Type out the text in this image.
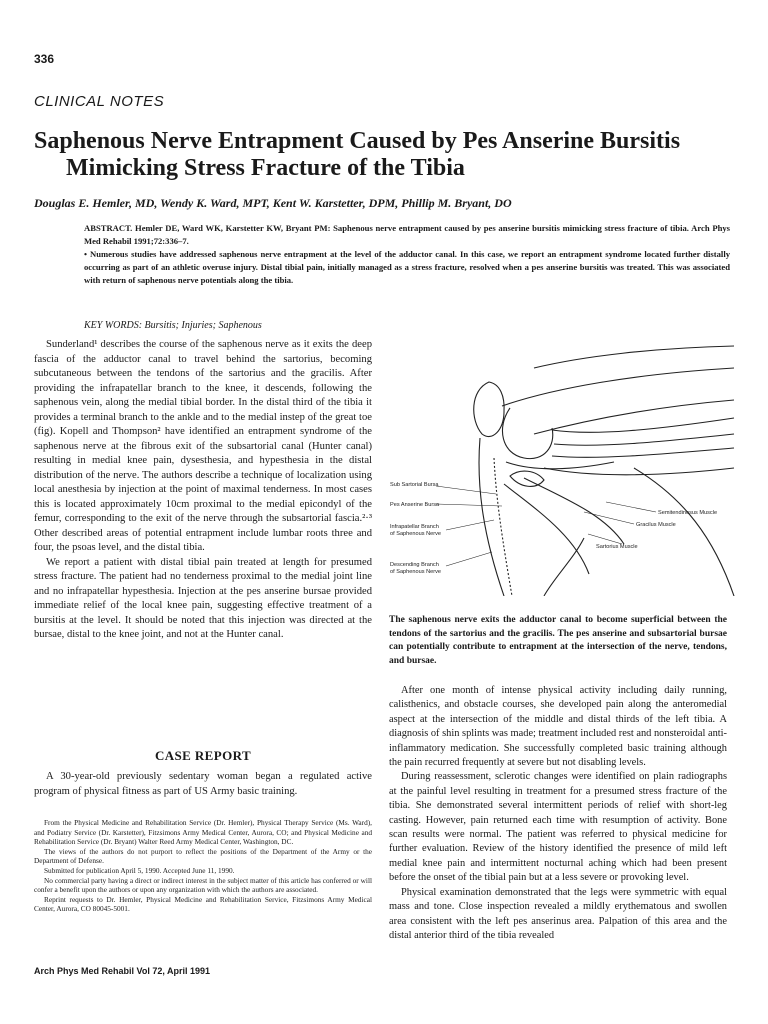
336
CLINICAL NOTES
Saphenous Nerve Entrapment Caused by Pes Anserine Bursitis
Mimicking Stress Fracture of the Tibia
Douglas E. Hemler, MD, Wendy K. Ward, MPT, Kent W. Karstetter, DPM, Phillip M. Bryant, DO
ABSTRACT. Hemler DE, Ward WK, Karstetter KW, Bryant PM: Saphenous nerve entrapment caused by pes anserine bursitis mimicking stress fracture of tibia. Arch Phys Med Rehabil 1991;72:336–7.
• Numerous studies have addressed saphenous nerve entrapment at the level of the adductor canal. In this case, we report an entrapment syndrome located further distally occurring as part of an athletic overuse injury. Distal tibial pain, initially managed as a stress fracture, resolved when a pes anserine bursitis was treated. This was associated with return of saphenous nerve potentials along the tibia.
KEY WORDS: Bursitis; Injuries; Saphenous

Sunderland¹ describes the course of the saphenous nerve as it exits the deep fascia of the adductor canal to travel behind the sartorius, becoming subcutaneous between the tendons of the sartorius and the gracilis. After providing the infrapatellar branch to the knee, it descends, following the saphenous vein, along the medial tibial border. In the distal third of the tibia it provides a terminal branch to the ankle and to the medial instep of the great toe (fig). Kopell and Thompson² have identified an entrapment syndrome of the saphenous nerve at the fibrous exit of the subsartorial canal (Hunter canal) resulting in medial knee pain, dysesthesia, and hypesthesia in the distal distribution of the nerve. The authors describe a technique of localization using local anesthesia by injection at the point of maximal tenderness. In most cases this is located approximately 10cm proximal to the medial epicondyl of the femur, corresponding to the exit of the nerve through the subsartorial fascia.²·³ Other described areas of potential entrapment include lumbar roots three and four, the psoas level, and the distal tibia.

We report a patient with distal tibial pain treated at length for presumed stress fracture. The patient had no tenderness proximal to the medial joint line and no infrapatellar hypesthesia. Injection at the pes anserine bursae provided immediate relief of the local knee pain, suggesting effective treatment of a bursitis at the level. It should be noted that this injection was directed at the bursae, distal to the knee joint, and not at the Hunter canal.

CASE REPORT

A 30-year-old previously sedentary woman began a regulated active program of physical fitness as part of US Army basic training.

From the Physical Medicine and Rehabilitation Service (Dr. Hemler), Physical Therapy Service (Ms. Ward), and Podiatry Service (Dr. Karstetter), Fitzsimons Army Medical Center, Aurora, CO; and Physical Medicine and Rehabilitation Service (Dr. Bryant) Walter Reed Army Medical Center, Washington, DC.

The views of the authors do not purport to reflect the positions of the Department of the Army or the Department of Defense.

Submitted for publication April 5, 1990. Accepted June 11, 1990.

No commercial party having a direct or indirect interest in the subject matter of this article has conferred or will confer a benefit upon the authors or upon any organization with which the authors are associated.

Reprint requests to Dr. Hemler, Physical Medicine and Rehabilitation Service, Fitzsimons Army Medical Center, Aurora, CO 80045-5001.

Arch Phys Med Rehabil Vol 72, April 1991
Sub Sartorial Bursa
Pes Anserine Bursa
Infrapatellar Branch
of Saphenous Nerve
Descending Branch
of Saphenous Nerve
Semitendinosus Muscle
Gracilus Muscle
Sartorius Muscle
The saphenous nerve exits the adductor canal to become superficial between the tendons of the sartorius and the gracilis. The pes anserine and subsartorial bursae can potentially contribute to entrapment at the intersection of the nerve, tendons, and bursae.

After one month of intense physical activity including daily running, calisthenics, and obstacle courses, she developed pain along the anteromedial aspect at the intersection of the middle and distal thirds of the left tibia. A diagnosis of shin splints was made; treatment included rest and nonsteroidal anti-inflammatory medication. She successfully completed basic training although the pain recurred frequently at severe but not disabling levels.

During reassessment, sclerotic changes were identified on plain radiographs at the painful level resulting in treatment for a presumed stress fracture of the tibia. She demonstrated several intermittent periods of relief with short-leg casting. However, pain returned each time with resumption of activity. Bone scan results were normal. The patient was referred to physical medicine for further evaluation. Review of the history identified the presence of mild left medial knee pain and intermittent nocturnal aching which had been present before the onset of the tibial pain but at a less severe or provoking level.

Physical examination demonstrated that the legs were symmetric with equal mass and tone. Close inspection revealed a mildly erythematous and swollen area consistent with the left pes anserinus area. Palpation of this area and the distal anterior third of the tibia revealed
